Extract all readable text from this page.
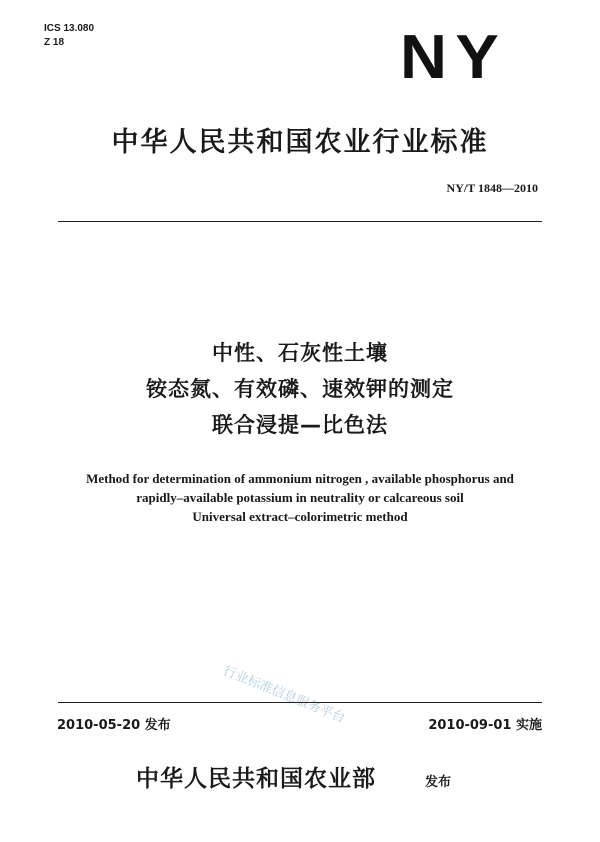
ICS 13.080
Z 18	NY
中华人民共和国农业行业标准
NY/T 1848—2010
中性、石灰性土壤
铵态氮、有效磷、速效钾的测定
联合浸提—比色法
Method for determination of ammonium nitrogen , available phosphorus and
rapidly–available potassium in neutrality or calcareous soil
Universal extract–colorimetric method
行业标准信息服务平台
2010-05-20 发布	2010-09-01 实施
中华人民共和国农业部	发布
